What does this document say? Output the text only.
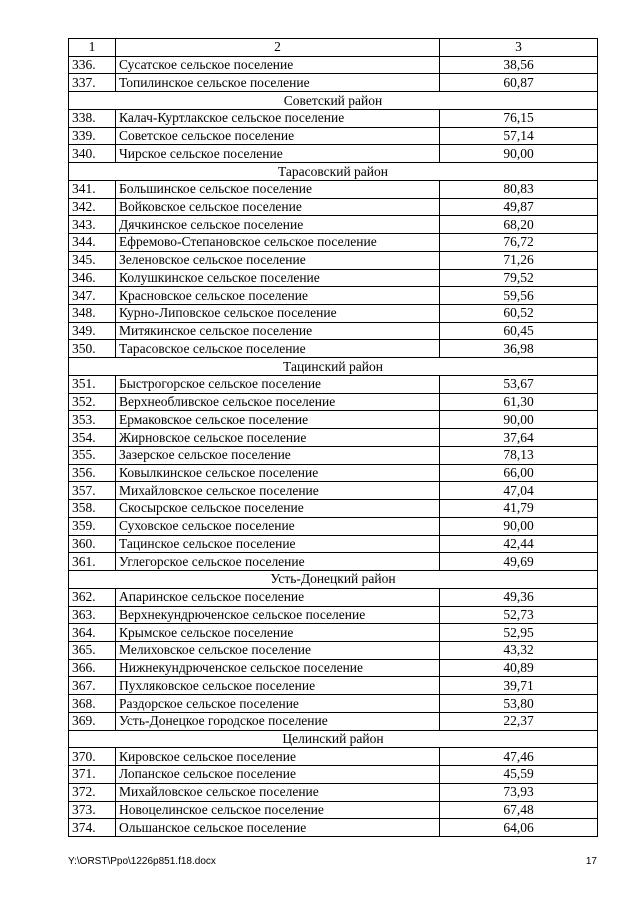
1	2	3
336.	Сусатское сельское поселение	38,56
337.	Топилинское сельское поселение	60,87
Советский район		
338.	Калач-Куртлакское сельское поселение	76,15
339.	Советское сельское поселение	57,14
340.	Чирское сельское поселение	90,00
Тарасовский район		
341.	Большинское сельское поселение	80,83
342.	Войковское сельское поселение	49,87
343.	Дячкинское сельское поселение	68,20
344.	Ефремово-Степановское сельское поселение	76,72
345.	Зеленовское сельское поселение	71,26
346.	Колушкинское сельское поселение	79,52
347.	Красновское сельское поселение	59,56
348.	Курно-Липовское сельское поселение	60,52
349.	Митякинское сельское поселение	60,45
350.	Тарасовское сельское поселение	36,98
Тацинский район		
351.	Быстрогорское сельское поселение	53,67
352.	Верхнеобливское сельское поселение	61,30
353.	Ермаковское сельское поселение	90,00
354.	Жирновское сельское поселение	37,64
355.	Зазерское сельское поселение	78,13
356.	Ковылкинское сельское поселение	66,00
357.	Михайловское сельское поселение	47,04
358.	Скосырское сельское поселение	41,79
359.	Суховское сельское поселение	90,00
360.	Тацинское сельское поселение	42,44
361.	Углегорское сельское поселение	49,69
Усть-Донецкий район		
362.	Апаринское сельское поселение	49,36
363.	Верхнекундрюченское сельское поселение	52,73
364.	Крымское сельское поселение	52,95
365.	Мелиховское сельское поселение	43,32
366.	Нижнекундрюченское сельское поселение	40,89
367.	Пухляковское сельское поселение	39,71
368.	Раздорское сельское поселение	53,80
369.	Усть-Донецкое городское поселение	22,37
Целинский район		
370.	Кировское сельское поселение	47,46
371.	Лопанское сельское поселение	45,59
372.	Михайловское сельское поселение	73,93
373.	Новоцелинское сельское поселение	67,48
374.	Ольшанское сельское поселение	64,06
Y:\ORST\Ppo\1226p851.f18.docx	17
